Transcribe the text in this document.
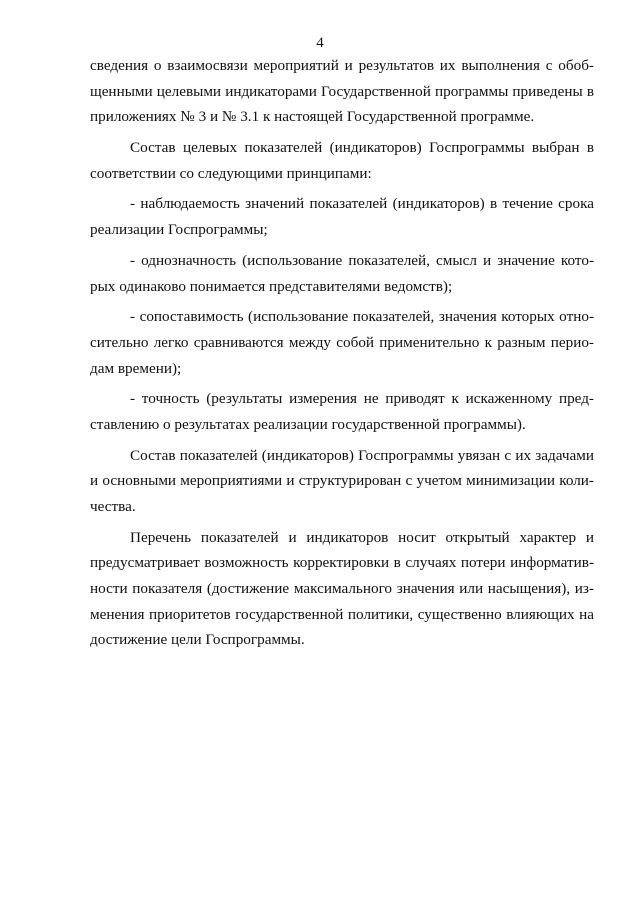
4
сведения о взаимосвязи мероприятий и результатов их выполнения с обоб-
щенными целевыми индикаторами Государственной программы приведены в
приложениях № 3 и № 3.1 к настоящей Государственной программе.
Состав целевых показателей (индикаторов) Госпрограммы выбран в
соответствии со следующими принципами:
- наблюдаемость значений показателей (индикаторов) в течение срока
реализации Госпрограммы;
- однозначность (использование показателей, смысл и значение кото-
рых одинаково понимается представителями ведомств);
- сопоставимость (использование показателей, значения которых отно-
сительно легко сравниваются между собой применительно к разным перио-
дам времени);
- точность (результаты измерения не приводят к искаженному пред-
ставлению о результатах реализации государственной программы).
Состав показателей (индикаторов) Госпрограммы увязан с их задачами
и основными мероприятиями и структурирован с учетом минимизации коли-
чества.
Перечень показателей и индикаторов носит открытый характер и
предусматривает возможность корректировки в случаях потери информатив-
ности показателя (достижение максимального значения или насыщения), из-
менения приоритетов государственной политики, существенно влияющих на
достижение цели Госпрограммы.
